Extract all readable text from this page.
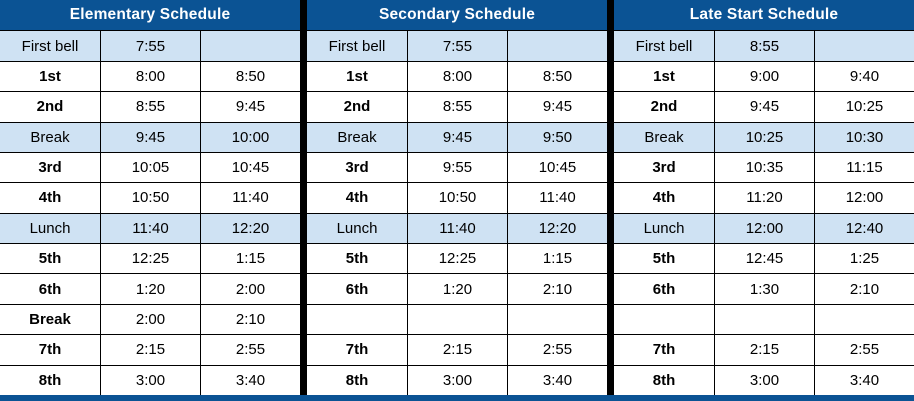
Elementary Schedule
First bell	7:55
1st	8:00	8:50
2nd	8:55	9:45
Break	9:45	10:00
3rd	10:05	10:45
4th	10:50	11:40
Lunch	11:40	12:20
5th	12:25	1:15
6th	1:20	2:00
Break	2:00	2:10
7th	2:15	2:55
8th	3:00	3:40
Secondary Schedule
First bell	7:55
1st	8:00	8:50
2nd	8:55	9:45
Break	9:45	9:50
3rd	9:55	10:45
4th	10:50	11:40
Lunch	11:40	12:20
5th	12:25	1:15
6th	1:20	2:10
7th	2:15	2:55
8th	3:00	3:40
Late Start Schedule
First bell	8:55
1st	9:00	9:40
2nd	9:45	10:25
Break	10:25	10:30
3rd	10:35	11:15
4th	11:20	12:00
Lunch	12:00	12:40
5th	12:45	1:25
6th	1:30	2:10
7th	2:15	2:55
8th	3:00	3:40
